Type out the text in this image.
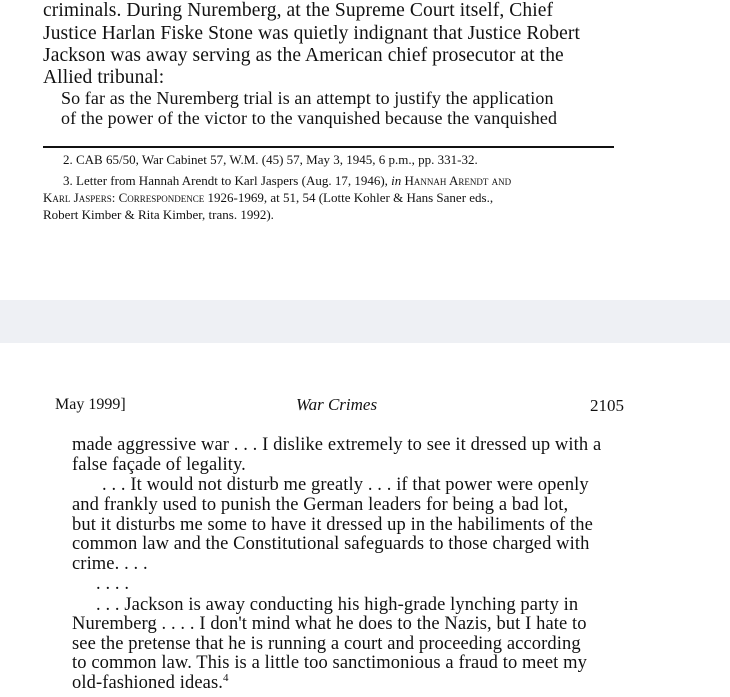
criminals. During Nuremberg, at the Supreme Court itself, Chief
Justice Harlan Fiske Stone was quietly indignant that Justice Robert
Jackson was away serving as the American chief prosecutor at the
Allied tribunal:
So far as the Nuremberg trial is an attempt to justify the application
of the power of the victor to the vanquished because the vanquished
2. CAB 65/50, War Cabinet 57, W.M. (45) 57, May 3, 1945, 6 p.m., pp. 331-32.
3. Letter from Hannah Arendt to Karl Jaspers (Aug. 17, 1946), in Hannah Arendt and
Karl Jaspers: Correspondence 1926-1969, at 51, 54 (Lotte Kohler & Hans Saner eds.,
Robert Kimber & Rita Kimber, trans. 1992).
May 1999]	War Crimes	2105
made aggressive war . . . I dislike extremely to see it dressed up with a
false façade of legality.
. . . It would not disturb me greatly . . . if that power were openly
and frankly used to punish the German leaders for being a bad lot,
but it disturbs me some to have it dressed up in the habiliments of the
common law and the Constitutional safeguards to those charged with
crime. . . .
. . . .
. . . Jackson is away conducting his high-grade lynching party in
Nuremberg . . . . I don't mind what he does to the Nazis, but I hate to
see the pretense that he is running a court and proceeding according
to common law. This is a little too sanctimonious a fraud to meet my
old-fashioned ideas.$^4$
